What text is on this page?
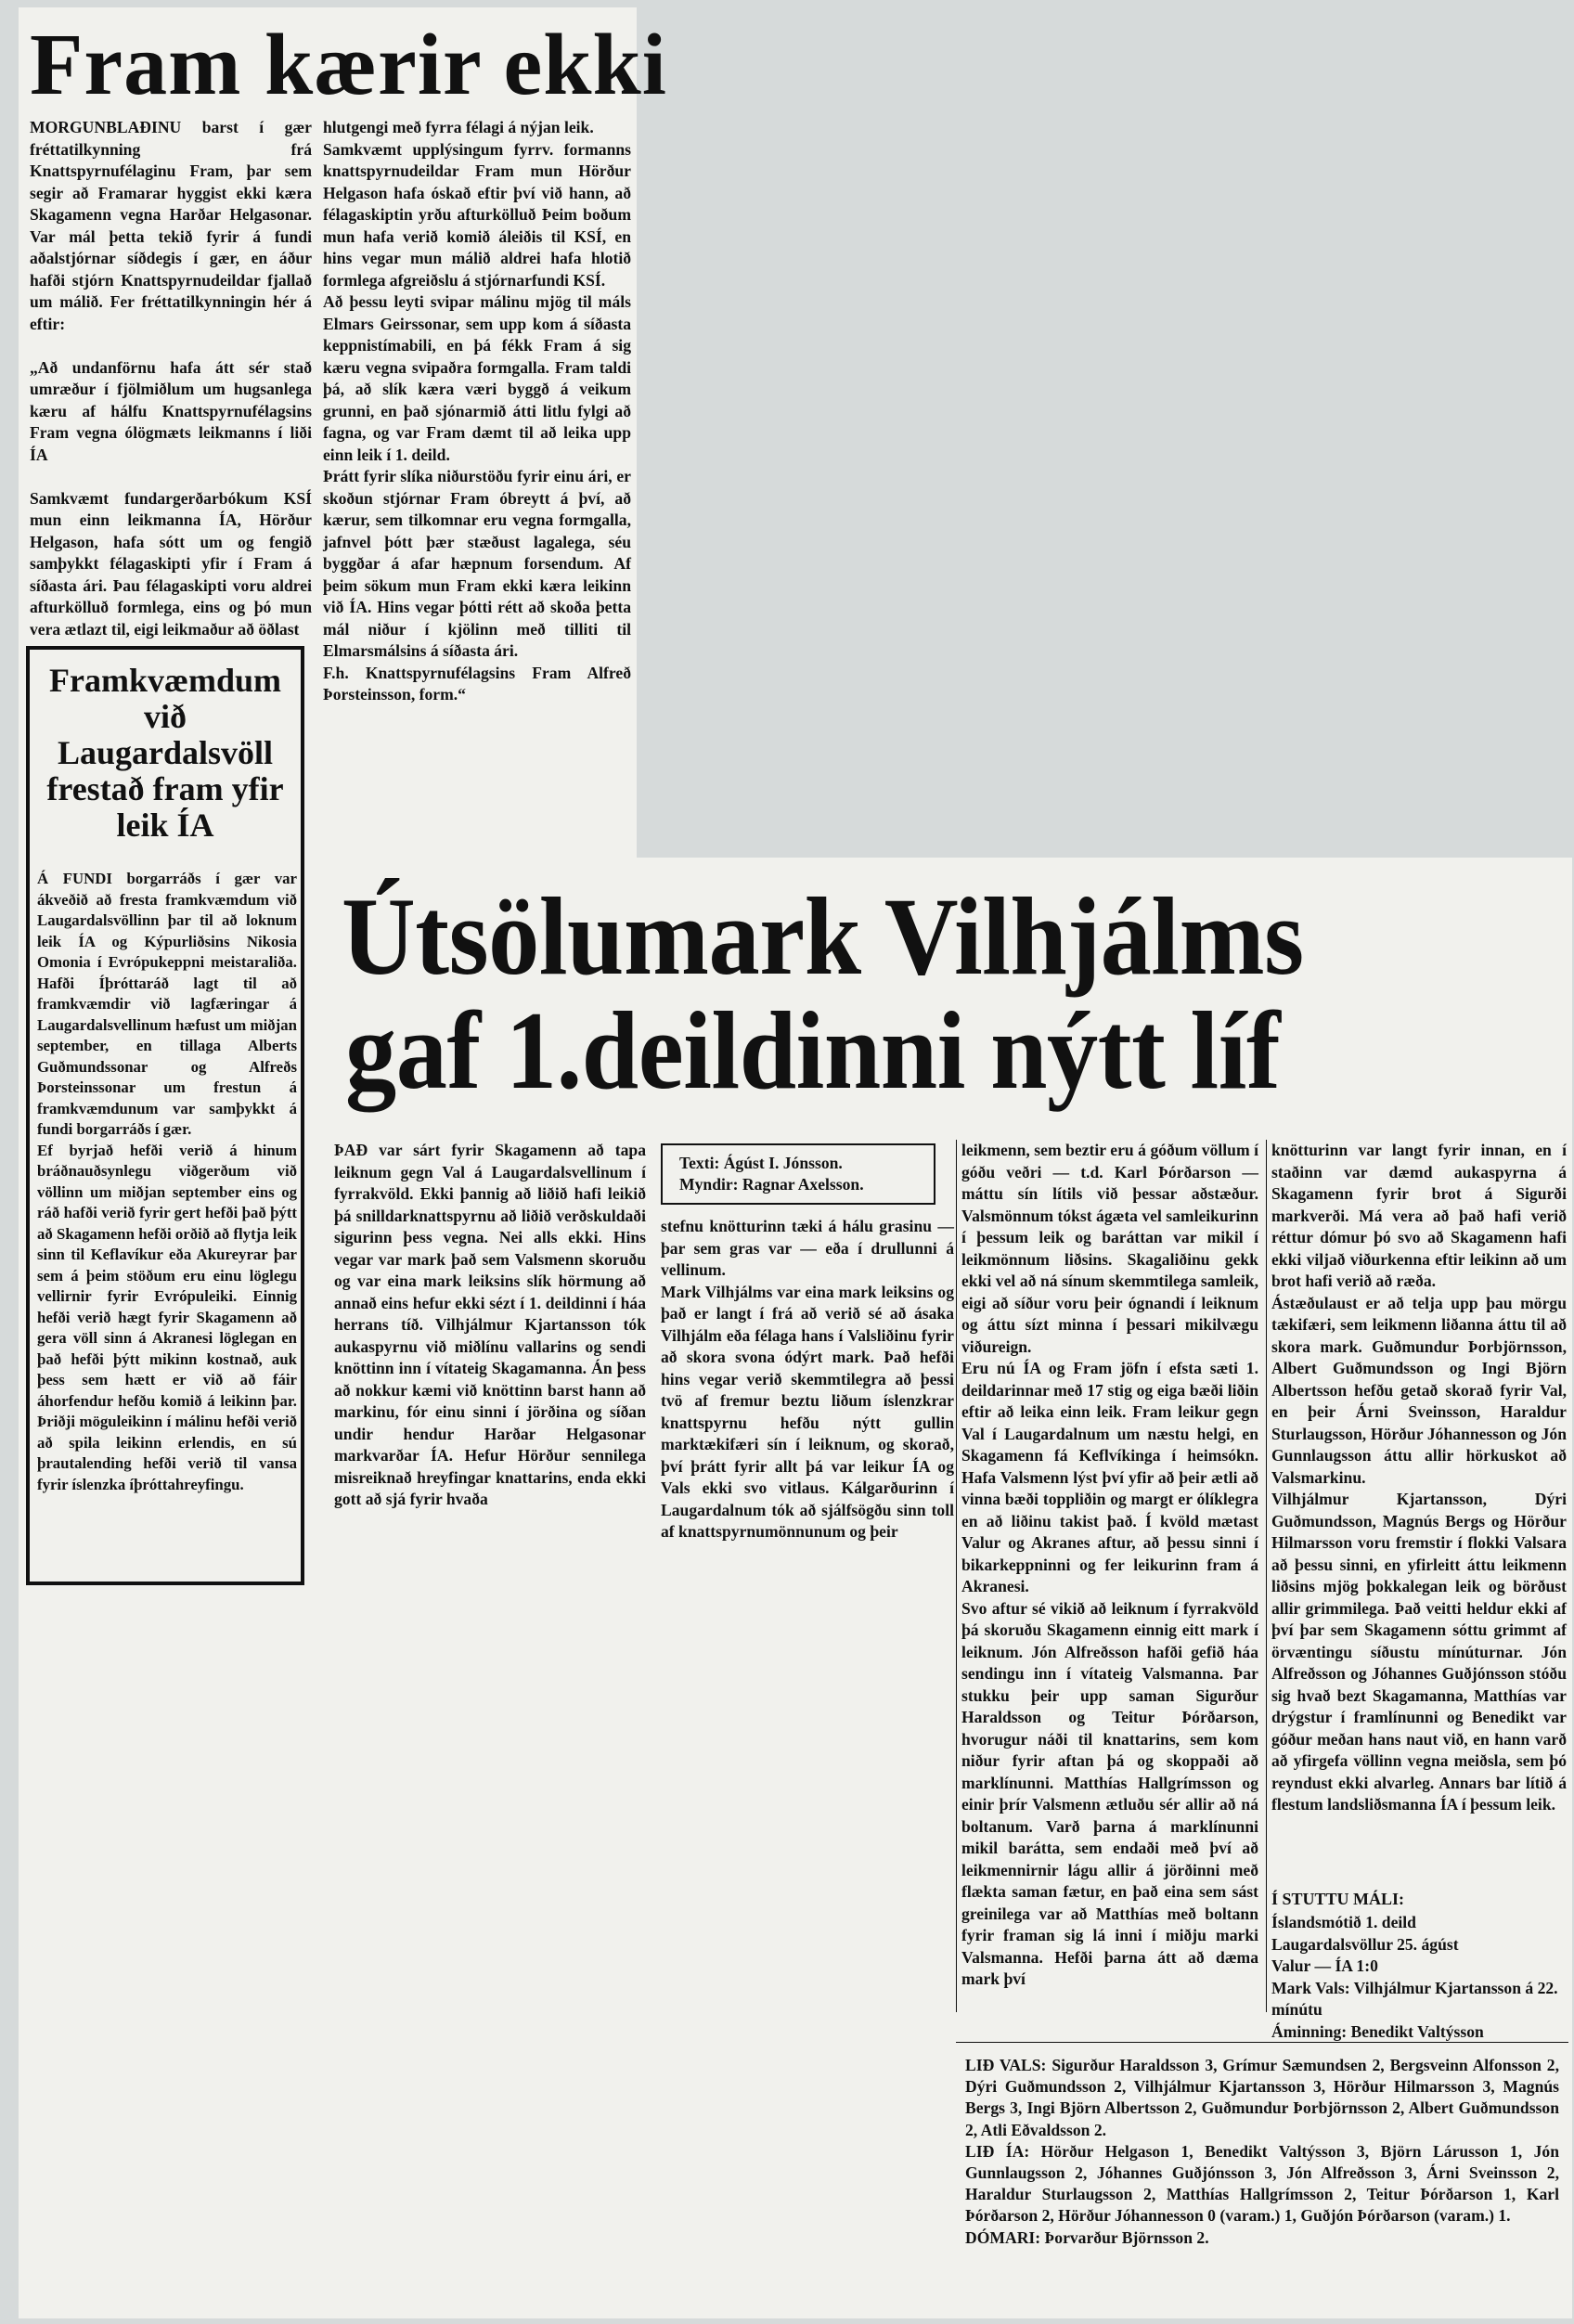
Fram kærir ekki
MORGUNBLAÐINU barst í gær fréttatilkynning frá Knattspyrnufélaginu Fram, þar sem segir að Framarar hyggist ekki kæra Skagamenn vegna Harðar Helgasonar. Var mál þetta tekið fyrir á fundi aðalstjórnar síðdegis í gær, en áður hafði stjórn Knattspyrnudeildar fjallað um málið. Fer fréttatilkynningin hér á eftir:

„Að undanförnu hafa átt sér stað umræður í fjölmiðlum um hugsanlega kæru af hálfu Knattspyrnufélagsins Fram vegna ólögmæts leikmanns í liði ÍA

Samkvæmt fundargerðarbókum KSÍ mun einn leikmanna ÍA, Hörður Helgason, hafa sótt um og fengið samþykkt félagaskipti yfir í Fram á síðasta ári. Þau félagaskipti voru aldrei afturkölluð formlega, eins og þó mun vera ætlazt til, eigi leikmaður að öðlast
hlutgengi með fyrra félagi á nýjan leik.
Samkvæmt upplýsingum fyrrv. formanns knattspyrnudeildar Fram mun Hörður Helgason hafa óskað eftir því við hann, að félagaskiptin yrðu afturkölluð Þeim boðum mun hafa verið komið áleiðis til KSÍ, en hins vegar mun málið aldrei hafa hlotið formlega afgreiðslu á stjórnarfundi KSÍ.
Að þessu leyti svipar málinu mjög til máls Elmars Geirssonar, sem upp kom á síðasta keppnistímabili, en þá fékk Fram á sig kæru vegna svipaðra formgalla. Fram taldi þá, að slík kæra væri byggð á veikum grunni, en það sjónarmið átti litlu fylgi að fagna, og var Fram dæmt til að leika upp einn leik í 1. deild.
Þrátt fyrir slíka niðurstöðu fyrir einu ári, er skoðun stjórnar Fram óbreytt á því, að kærur, sem tilkomnar eru vegna formgalla, jafnvel þótt þær stæðust lagalega, séu byggðar á afar hæpnum forsendum. Af þeim sökum mun Fram ekki kæra leikinn við ÍA. Hins vegar þótti rétt að skoða þetta mál niður í kjölinn með tilliti til Elmarsmálsins á síðasta ári.
F.h. Knattspyrnufélagsins Fram Alfreð Þorsteinsson, form.“
Framkvæmdum við Laugardalsvöll frestað fram yfir leik ÍA
Á FUNDI borgarráðs í gær var ákveðið að fresta framkvæmdum við Laugardalsvöllinn þar til að loknum leik ÍA og Kýpurliðsins Nikosia Omonia í Evrópukeppni meistaraliða. Hafði Íþróttaráð lagt til að framkvæmdir við lagfæringar á Laugardalsvellinum hæfust um miðjan september, en tillaga Alberts Guðmundssonar og Alfreðs Þorsteinssonar um frestun á framkvæmdunum var samþykkt á fundi borgarráðs í gær.
Ef byrjað hefði verið á hinum bráðnauðsynlegu viðgerðum við völlinn um miðjan september eins og ráð hafði verið fyrir gert hefði það þýtt að Skagamenn hefði orðið að flytja leik sinn til Keflavíkur eða Akureyrar þar sem á þeim stöðum eru einu löglegu vellirnir fyrir Evrópuleiki. Einnig hefði verið hægt fyrir Skagamenn að gera völl sinn á Akranesi löglegan en það hefði þýtt mikinn kostnað, auk þess sem hætt er við að fáir áhorfendur hefðu komið á leikinn þar. Þriðji möguleikinn í málinu hefði verið að spila leikinn erlendis, en sú þrautalending hefði verið til vansa fyrir íslenzka íþróttahreyfingu.
Útsölumark Vilhjálms
gaf 1.deildinni nýtt líf
Texti: Ágúst I. Jónsson.
Myndir: Ragnar Axelsson.
ÞAÐ var sárt fyrir Skagamenn að tapa leiknum gegn Val á Laugardalsvellinum í fyrrakvöld. Ekki þannig að liðið hafi leikið þá snilldarknattspyrnu að liðið verðskuldaði sigurinn þess vegna. Nei alls ekki. Hins vegar var mark það sem Valsmenn skoruðu og var eina mark leiksins slík hörmung að annað eins hefur ekki sézt í 1. deildinni í háa herrans tíð. Vilhjálmur Kjartansson tók aukaspyrnu við miðlínu vallarins og sendi knöttinn inn í vítateig Skagamanna. Án þess að nokkur kæmi við knöttinn barst hann að markinu, fór einu sinni í jörðina og síðan undir hendur Harðar Helgasonar markvarðar ÍA. Hefur Hörður sennilega misreiknað hreyfingar knattarins, enda ekki gott að sjá fyrir hvaða
stefnu knötturinn tæki á hálu grasinu — þar sem gras var — eða í drullunni á vellinum.
Mark Vilhjálms var eina mark leiksins og það er langt í frá að verið sé að ásaka Vilhjálm eða félaga hans í Valsliðinu fyrir að skora svona ódýrt mark. Það hefði hins vegar verið skemmtilegra að þessi tvö af fremur beztu liðum íslenzkrar knattspyrnu hefðu nýtt gullin marktækifæri sín í leiknum, og skorað, því þrátt fyrir allt þá var leikur ÍA og Vals ekki svo vitlaus. Kálgarðurinn í Laugardalnum tók að sjálfsögðu sinn toll af knattspyrnumönnunum og þeir
leikmenn, sem beztir eru á góðum völlum í góðu veðri — t.d. Karl Þórðarson — máttu sín lítils við þessar aðstæður. Valsmönnum tókst ágæta vel samleikurinn í þessum leik og baráttan var mikil í leikmönnum liðsins. Skagaliðinu gekk ekki vel að ná sínum skemmtilega samleik, eigi að síður voru þeir ógnandi í leiknum og áttu sízt minna í þessari mikilvægu viðureign.
Eru nú ÍA og Fram jöfn í efsta sæti 1. deildarinnar með 17 stig og eiga bæði liðin eftir að leika einn leik. Fram leikur gegn Val í Laugardalnum um næstu helgi, en Skagamenn fá Keflvíkinga í heimsókn. Hafa Valsmenn lýst því yfir að þeir ætli að vinna bæði toppliðin og margt er ólíklegra en að liðinu takist það. Í kvöld mætast Valur og Akranes aftur, að þessu sinni í bikarkeppninni og fer leikurinn fram á Akranesi.
Svo aftur sé vikið að leiknum í fyrrakvöld þá skoruðu Skagamenn einnig eitt mark í leiknum. Jón Alfreðsson hafði gefið háa sendingu inn í vítateig Valsmanna. Þar stukku þeir upp saman Sigurður Haraldsson og Teitur Þórðarson, hvorugur náði til knattarins, sem kom niður fyrir aftan þá og skoppaði að marklínunni. Matthías Hallgrímsson og einir þrír Valsmenn ætluðu sér allir að ná boltanum. Varð þarna á marklínunni mikil barátta, sem endaði með því að leikmennirnir lágu allir á jörðinni með flækta saman fætur, en það eina sem sást greinilega var að Matthías með boltann fyrir framan sig lá inni í miðju marki Valsmanna. Hefði þarna átt að dæma mark því
knötturinn var langt fyrir innan, en í staðinn var dæmd aukaspyrna á Skagamenn fyrir brot á Sigurði markverði. Má vera að það hafi verið réttur dómur þó svo að Skagamenn hafi ekki viljað viðurkenna eftir leikinn að um brot hafi verið að ræða.
Ástæðulaust er að telja upp þau mörgu tækifæri, sem leikmenn liðanna áttu til að skora mark. Guðmundur Þorbjörnsson, Albert Guðmundsson og Ingi Björn Albertsson hefðu getað skorað fyrir Val, en þeir Árni Sveinsson, Haraldur Sturlaugsson, Hörður Jóhannesson og Jón Gunnlaugsson áttu allir hörkuskot að Valsmarkinu.
Vilhjálmur Kjartansson, Dýri Guðmundsson, Magnús Bergs og Hörður Hilmarsson voru fremstir í flokki Valsara að þessu sinni, en yfirleitt áttu leikmenn liðsins mjög þokkalegan leik og börðust allir grimmilega. Það veitti heldur ekki af því þar sem Skagamenn sóttu grimmt af örvæntingu síðustu mínúturnar. Jón Alfreðsson og Jóhannes Guðjónsson stóðu sig hvað bezt Skagamanna, Matthías var drýgstur í framlínunni og Benedikt var góður meðan hans naut við, en hann varð að yfirgefa völlinn vegna meiðsla, sem þó reyndust ekki alvarleg. Annars bar lítið á flestum landsliðsmanna ÍA í þessum leik.
Í STUTTU MÁLI:
Íslandsmótið 1. deild
Laugardalsvöllur 25. ágúst
Valur — ÍA 1:0
Mark Vals: Vilhjálmur Kjartansson á 22. mínútu
Áminning: Benedikt Valtýsson

LIÐ VALS: Sigurður Haraldsson 3, Grímur Sæmundsen 2, Bergsveinn Alfonsson 2, Dýri Guðmundsson 2, Vilhjálmur Kjartansson 3, Hörður Hilmarsson 3, Magnús Bergs 3, Ingi Björn Albertsson 2, Guðmundur Þorbjörnsson 2, Albert Guðmundsson 2, Atli Eðvaldsson 2.

LIÐ ÍA: Hörður Helgason 1, Benedikt Valtýsson 3, Björn Lárusson 1, Jón Gunnlaugsson 2, Jóhannes Guðjónsson 3, Jón Alfreðsson 3, Árni Sveinsson 2, Haraldur Sturlaugsson 2, Matthías Hallgrímsson 2, Teitur Þórðarson 1, Karl Þórðarson 2, Hörður Jóhannesson 0 (varam.) 1, Guðjón Þórðarson (varam.) 1.

DÓMARI: Þorvarður Björnsson 2.
